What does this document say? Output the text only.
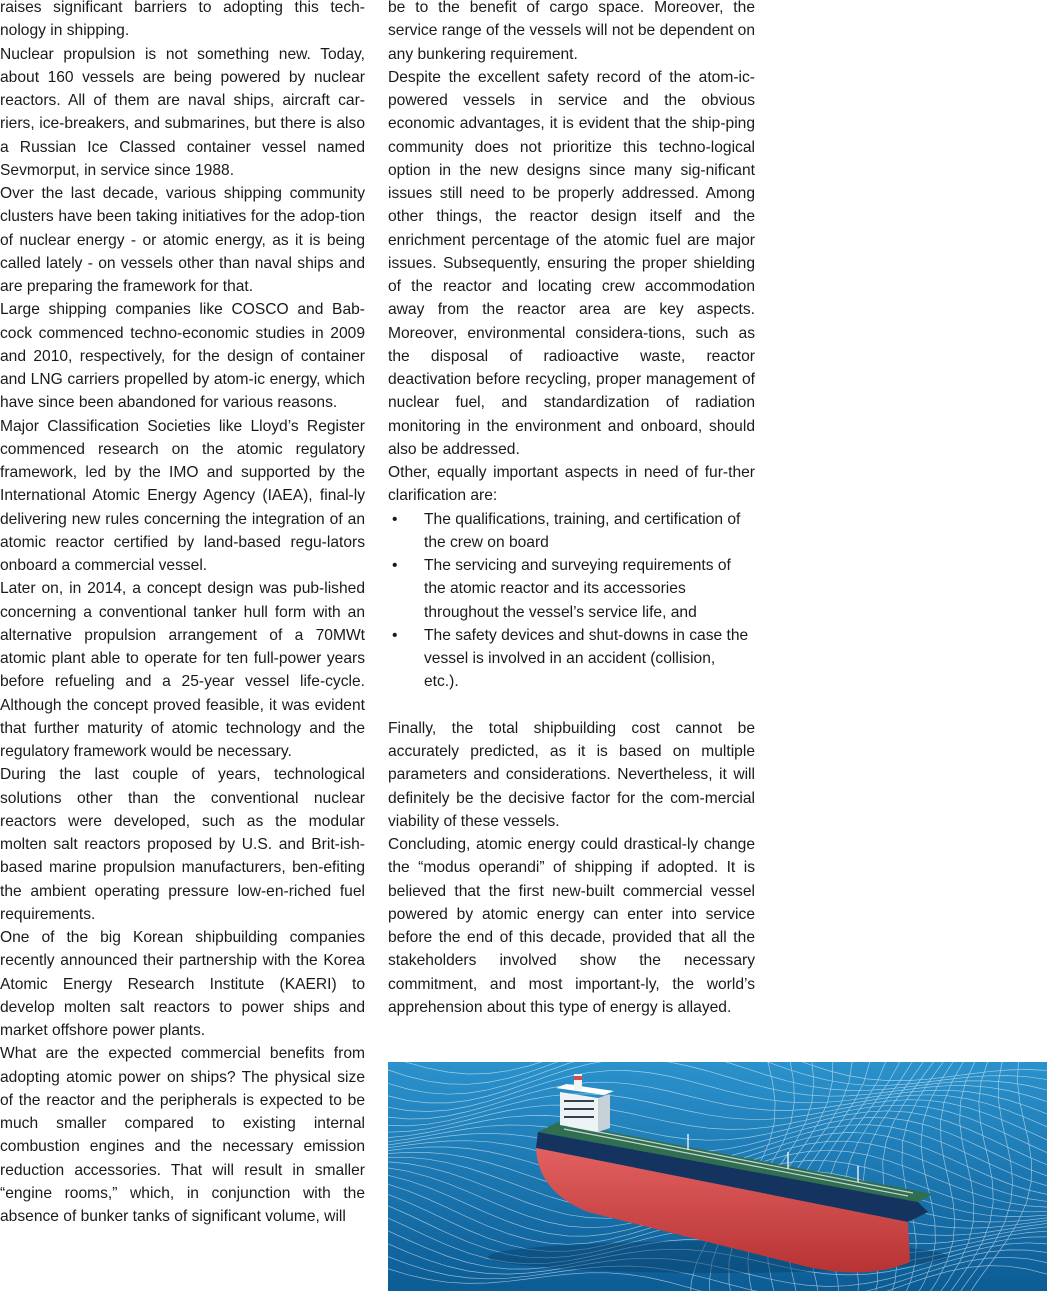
raises significant barriers to adopting this tech-nology in shipping.

Nuclear propulsion is not something new. Today, about 160 vessels are being powered by nuclear reactors. All of them are naval ships, aircraft car-riers, ice-breakers, and submarines, but there is also a Russian Ice Classed container vessel named Sevmorput, in service since 1988.

Over the last decade, various shipping community clusters have been taking initiatives for the adop-tion of nuclear energy - or atomic energy, as it is being called lately - on vessels other than naval ships and are preparing the framework for that.

Large shipping companies like COSCO and Bab-cock commenced techno-economic studies in 2009 and 2010, respectively, for the design of container and LNG carriers propelled by atom-ic energy, which have since been abandoned for various reasons.

Major Classification Societies like Lloyd’s Register commenced research on the atomic regulatory framework, led by the IMO and supported by the International Atomic Energy Agency (IAEA), final-ly delivering new rules concerning the integration of an atomic reactor certified by land-based regu-lators onboard a commercial vessel.

Later on, in 2014, a concept design was pub-lished concerning a conventional tanker hull form with an alternative propulsion arrangement of a 70MWt atomic plant able to operate for ten full-power years before refueling and a 25-year vessel life-cycle. Although the concept proved feasible, it was evident that further maturity of atomic technology and the regulatory framework would be necessary.

During the last couple of years, technological solutions other than the conventional nuclear reactors were developed, such as the modular molten salt reactors proposed by U.S. and Brit-ish-based marine propulsion manufacturers, ben-efiting the ambient operating pressure low-en-riched fuel requirements.

One of the big Korean shipbuilding companies recently announced their partnership with the Korea Atomic Energy Research Institute (KAERI) to develop molten salt reactors to power ships and market offshore power plants.

What are the expected commercial benefits from adopting atomic power on ships? The physical size of the reactor and the peripherals is expected to be much smaller compared to existing internal combustion engines and the necessary emission reduction accessories. That will result in smaller “engine rooms,” which, in conjunction with the absence of bunker tanks of significant volume, will

be to the benefit of cargo space. Moreover, the service range of the vessels will not be dependent on any bunkering requirement.

Despite the excellent safety record of the atom-ic-powered vessels in service and the obvious economic advantages, it is evident that the ship-ping community does not prioritize this techno-logical option in the new designs since many sig-nificant issues still need to be properly addressed. Among other things, the reactor design itself and the enrichment percentage of the atomic fuel are major issues. Subsequently, ensuring the proper shielding of the reactor and locating crew accommodation away from the reactor area are key aspects. Moreover, environmental considera-tions, such as the disposal of radioactive waste, reactor deactivation before recycling, proper management of nuclear fuel, and standardization of radiation monitoring in the environment and onboard, should also be addressed.

Other, equally important aspects in need of fur-ther clarification are:

• The qualifications, training, and certification of the crew on board
• The servicing and surveying requirements of the atomic reactor and its accessories throughout the vessel’s service life, and
• The safety devices and shut-downs in case the vessel is involved in an accident (collision, etc.).

Finally, the total shipbuilding cost cannot be accurately predicted, as it is based on multiple parameters and considerations. Nevertheless, it will definitely be the decisive factor for the com-mercial viability of these vessels.

Concluding, atomic energy could drastical-ly change the “modus operandi” of shipping if adopted. It is believed that the first new-built commercial vessel powered by atomic energy can enter into service before the end of this decade, provided that all the stakeholders involved show the necessary commitment, and most important-ly, the world’s apprehension about this type of energy is allayed.
